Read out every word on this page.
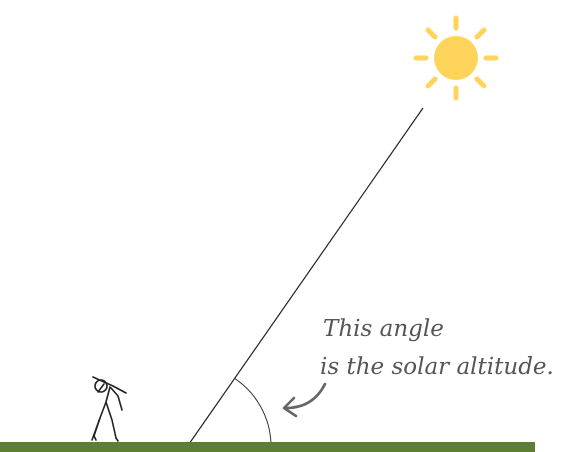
This angle
is the solar altitude.
